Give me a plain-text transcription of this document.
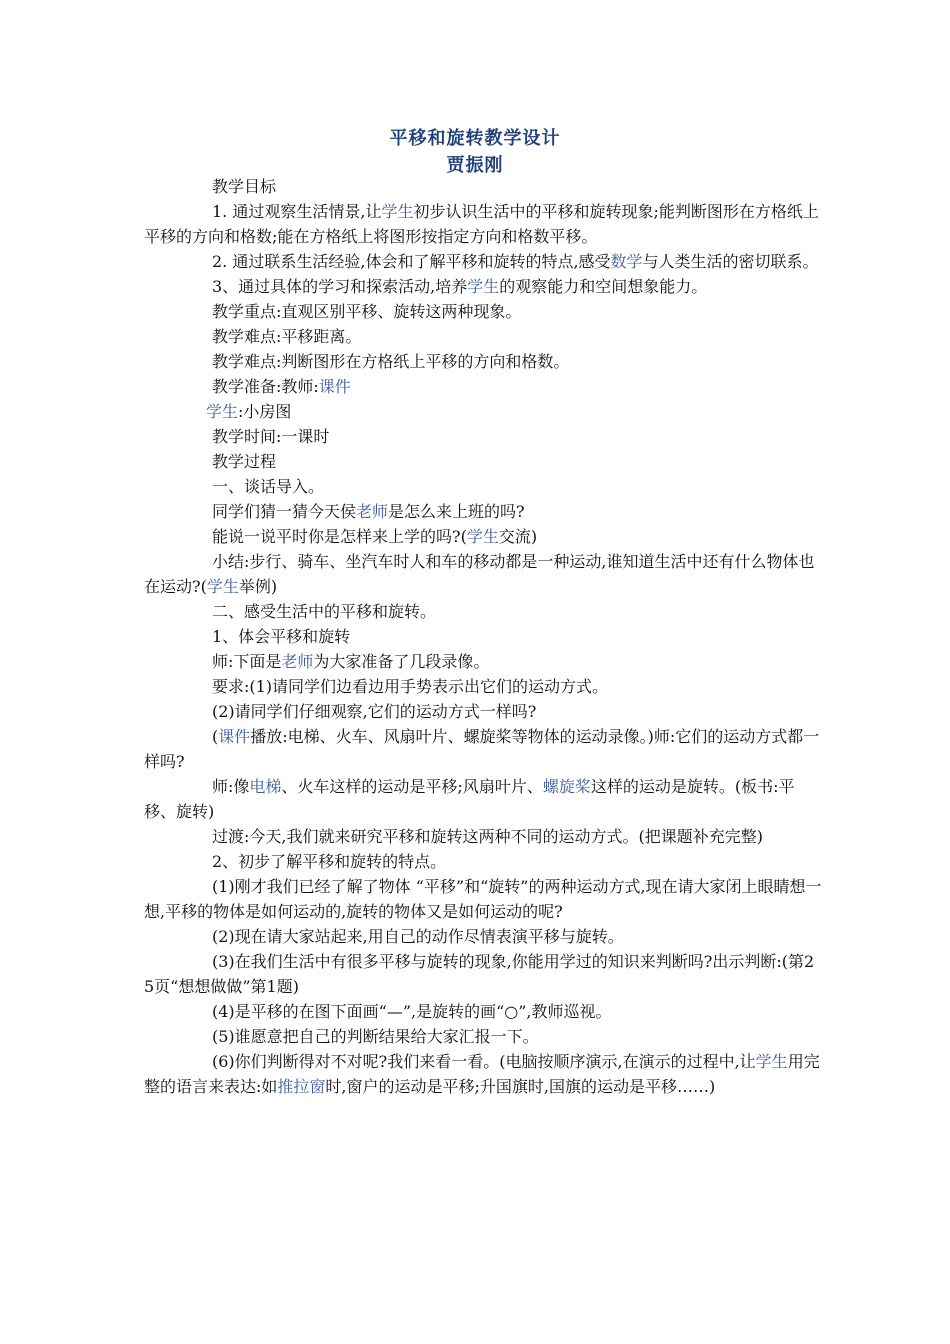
平移和旋转教学设计
贾振刚

教学目标

1. 通过观察生活情景,让学生初步认识生活中的平移和旋转现象;能判断图形在方格纸上平移的方向和格数;能在方格纸上将图形按指定方向和格数平移。

2. 通过联系生活经验,体会和了解平移和旋转的特点,感受数学与人类生活的密切联系。

3、通过具体的学习和探索活动,培养学生的观察能力和空间想象能力。

教学重点:直观区别平移、旋转这两种现象。

教学难点:平移距离。

教学难点:判断图形在方格纸上平移的方向和格数。

教学准备:教师:课件

学生:小房图

教学时间:一课时

教学过程

一、谈话导入。

同学们猜一猜今天侯老师是怎么来上班的吗?

能说一说平时你是怎样来上学的吗?(学生交流)

小结:步行、骑车、坐汽车时人和车的移动都是一种运动,谁知道生活中还有什么物体也在运动?(学生举例)

二、感受生活中的平移和旋转。

1、体会平移和旋转

师:下面是老师为大家准备了几段录像。

要求:(1)请同学们边看边用手势表示出它们的运动方式。

(2)请同学们仔细观察,它们的运动方式一样吗?

(课件播放:电梯、火车、风扇叶片、螺旋桨等物体的运动录像。)师:它们的运动方式都一样吗?

师:像电梯、火车这样的运动是平移;风扇叶片、螺旋桨这样的运动是旋转。(板书:平移、旋转)

过渡:今天,我们就来研究平移和旋转这两种不同的运动方式。(把课题补充完整)

2、初步了解平移和旋转的特点。

(1)刚才我们已经了解了物体 “平移”和“旋转”的两种运动方式,现在请大家闭上眼睛想一想,平移的物体是如何运动的,旋转的物体又是如何运动的呢?

(2)现在请大家站起来,用自己的动作尽情表演平移与旋转。

(3)在我们生活中有很多平移与旋转的现象,你能用学过的知识来判断吗?出示判断:(第25页“想想做做”第1题)

(4)是平移的在图下面画“—”,是旋转的画“○”,教师巡视。

(5)谁愿意把自己的判断结果给大家汇报一下。

(6)你们判断得对不对呢?我们来看一看。(电脑按顺序演示,在演示的过程中,让学生用完整的语言来表达:如推拉窗时,窗户的运动是平移;升国旗时,国旗的运动是平移……)
